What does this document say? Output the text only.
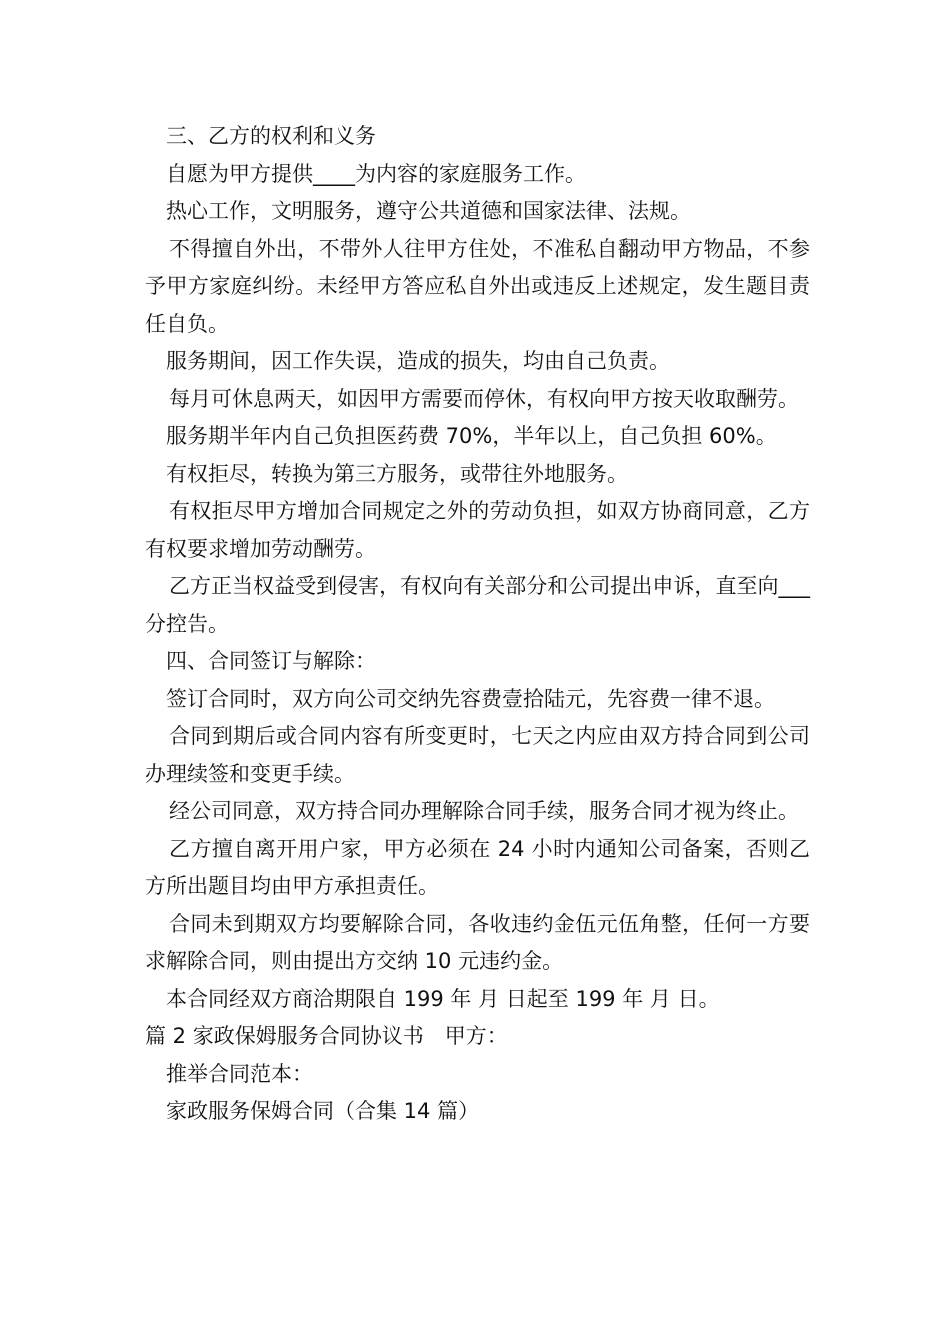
三、乙方的权利和义务

自愿为甲方提供____为内容的家庭服务工作。

热心工作，文明服务，遵守公共道德和国家法律、法规。

不得擅自外出，不带外人往甲方住处，不准私自翻动甲方物品，不参予甲方家庭纠纷。未经甲方答应私自外出或违反上述规定，发生题目责任自负。

服务期间，因工作失误，造成的损失，均由自己负责。

每月可休息两天，如因甲方需要而停休，有权向甲方按天收取酬劳。

服务期半年内自己负担医药费 70%，半年以上，自己负担 60%。

有权拒尽，转换为第三方服务，或带往外地服务。

有权拒尽甲方增加合同规定之外的劳动负担，如双方协商同意，乙方有权要求增加劳动酬劳。

乙方正当权益受到侵害，有权向有关部分和公司提出申诉，直至向___分控告。

四、合同签订与解除：

签订合同时，双方向公司交纳先容费壹拾陆元，先容费一律不退。

合同到期后或合同内容有所变更时，七天之内应由双方持合同到公司办理续签和变更手续。

经公司同意，双方持合同办理解除合同手续，服务合同才视为终止。

乙方擅自离开用户家，甲方必须在 24 小时内通知公司备案，否则乙方所出题目均由甲方承担责任。

合同未到期双方均要解除合同，各收违约金伍元伍角整，任何一方要求解除合同，则由提出方交纳 10 元违约金。

本合同经双方商洽期限自 199 年 月 日起至 199 年 月 日。

篇 2 家政保姆服务合同协议书　甲方：

推举合同范本：

家政服务保姆合同（合集 14 篇）
